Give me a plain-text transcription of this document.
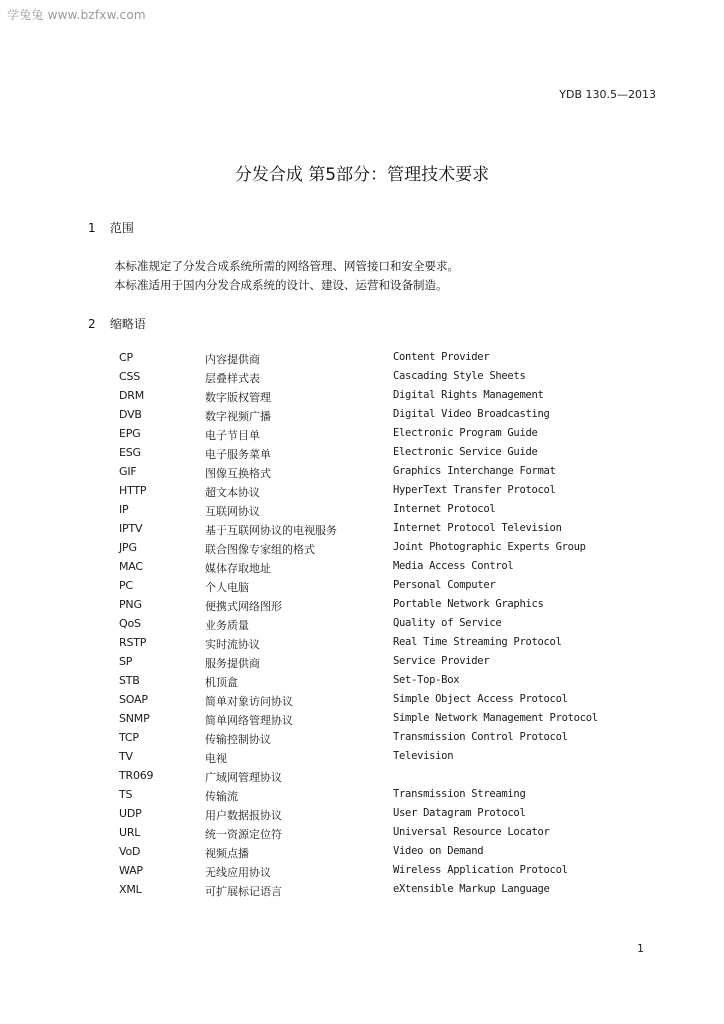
学兔兔 www.bzfxw.com
YDB 130.5—2013
分发合成 第5部分：管理技术要求
1 范围
本标准规定了分发合成系统所需的网络管理、网管接口和安全要求。
本标准适用于国内分发合成系统的设计、建设、运营和设备制造。
2 缩略语
CP	内容提供商	Content Provider
CSS	层叠样式表	Cascading Style Sheets
DRM	数字版权管理	Digital Rights Management
DVB	数字视频广播	Digital Video Broadcasting
EPG	电子节目单	Electronic Program Guide
ESG	电子服务菜单	Electronic Service Guide
GIF	图像互换格式	Graphics Interchange Format
HTTP	超文本协议	HyperText Transfer Protocol
IP	互联网协议	Internet Protocol
IPTV	基于互联网协议的电视服务	Internet Protocol Television
JPG	联合图像专家组的格式	Joint Photographic Experts Group
MAC	媒体存取地址	Media Access Control
PC	个人电脑	Personal Computer
PNG	便携式网络图形	Portable Network Graphics
QoS	业务质量	Quality of Service
RSTP	实时流协议	Real Time Streaming Protocol
SP	服务提供商	Service Provider
STB	机顶盒	Set-Top-Box
SOAP	简单对象访问协议	Simple Object Access Protocol
SNMP	简单网络管理协议	Simple Network Management Protocol
TCP	传输控制协议	Transmission Control Protocol
TV	电视	Television
TR069	广域网管理协议
TS	传输流	Transmission Streaming
UDP	用户数据报协议	User Datagram Protocol
URL	统一资源定位符	Universal Resource Locator
VoD	视频点播	Video on Demand
WAP	无线应用协议	Wireless Application Protocol
XML	可扩展标记语言	eXtensible Markup Language
1
